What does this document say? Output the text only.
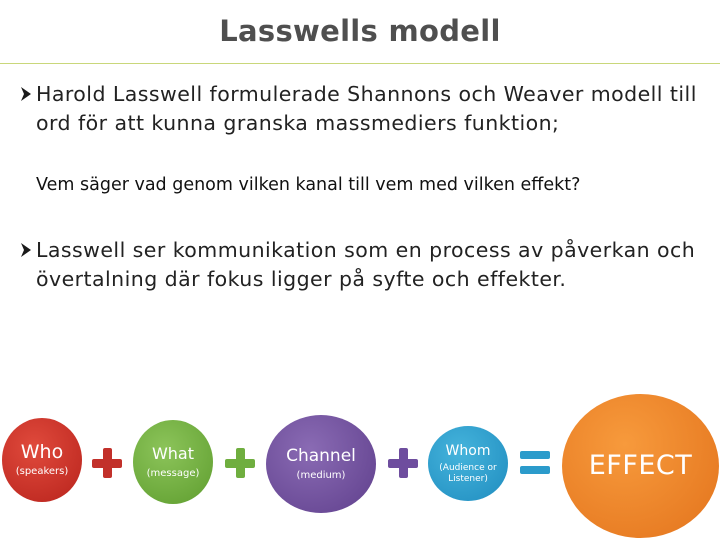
Lasswells modell
Harold Lasswell formulerade Shannons och Weaver modell till ord för att kunna granska massmediers funktion;
Vem säger vad genom vilken kanal till vem med vilken effekt?
Lasswell ser kommunikation som en process av påverkan och övertalning där fokus ligger på syfte och effekter.
Who
(speakers)
What
(message)
Channel
(medium)
Whom
(Audience or Listener)	EFFECT
